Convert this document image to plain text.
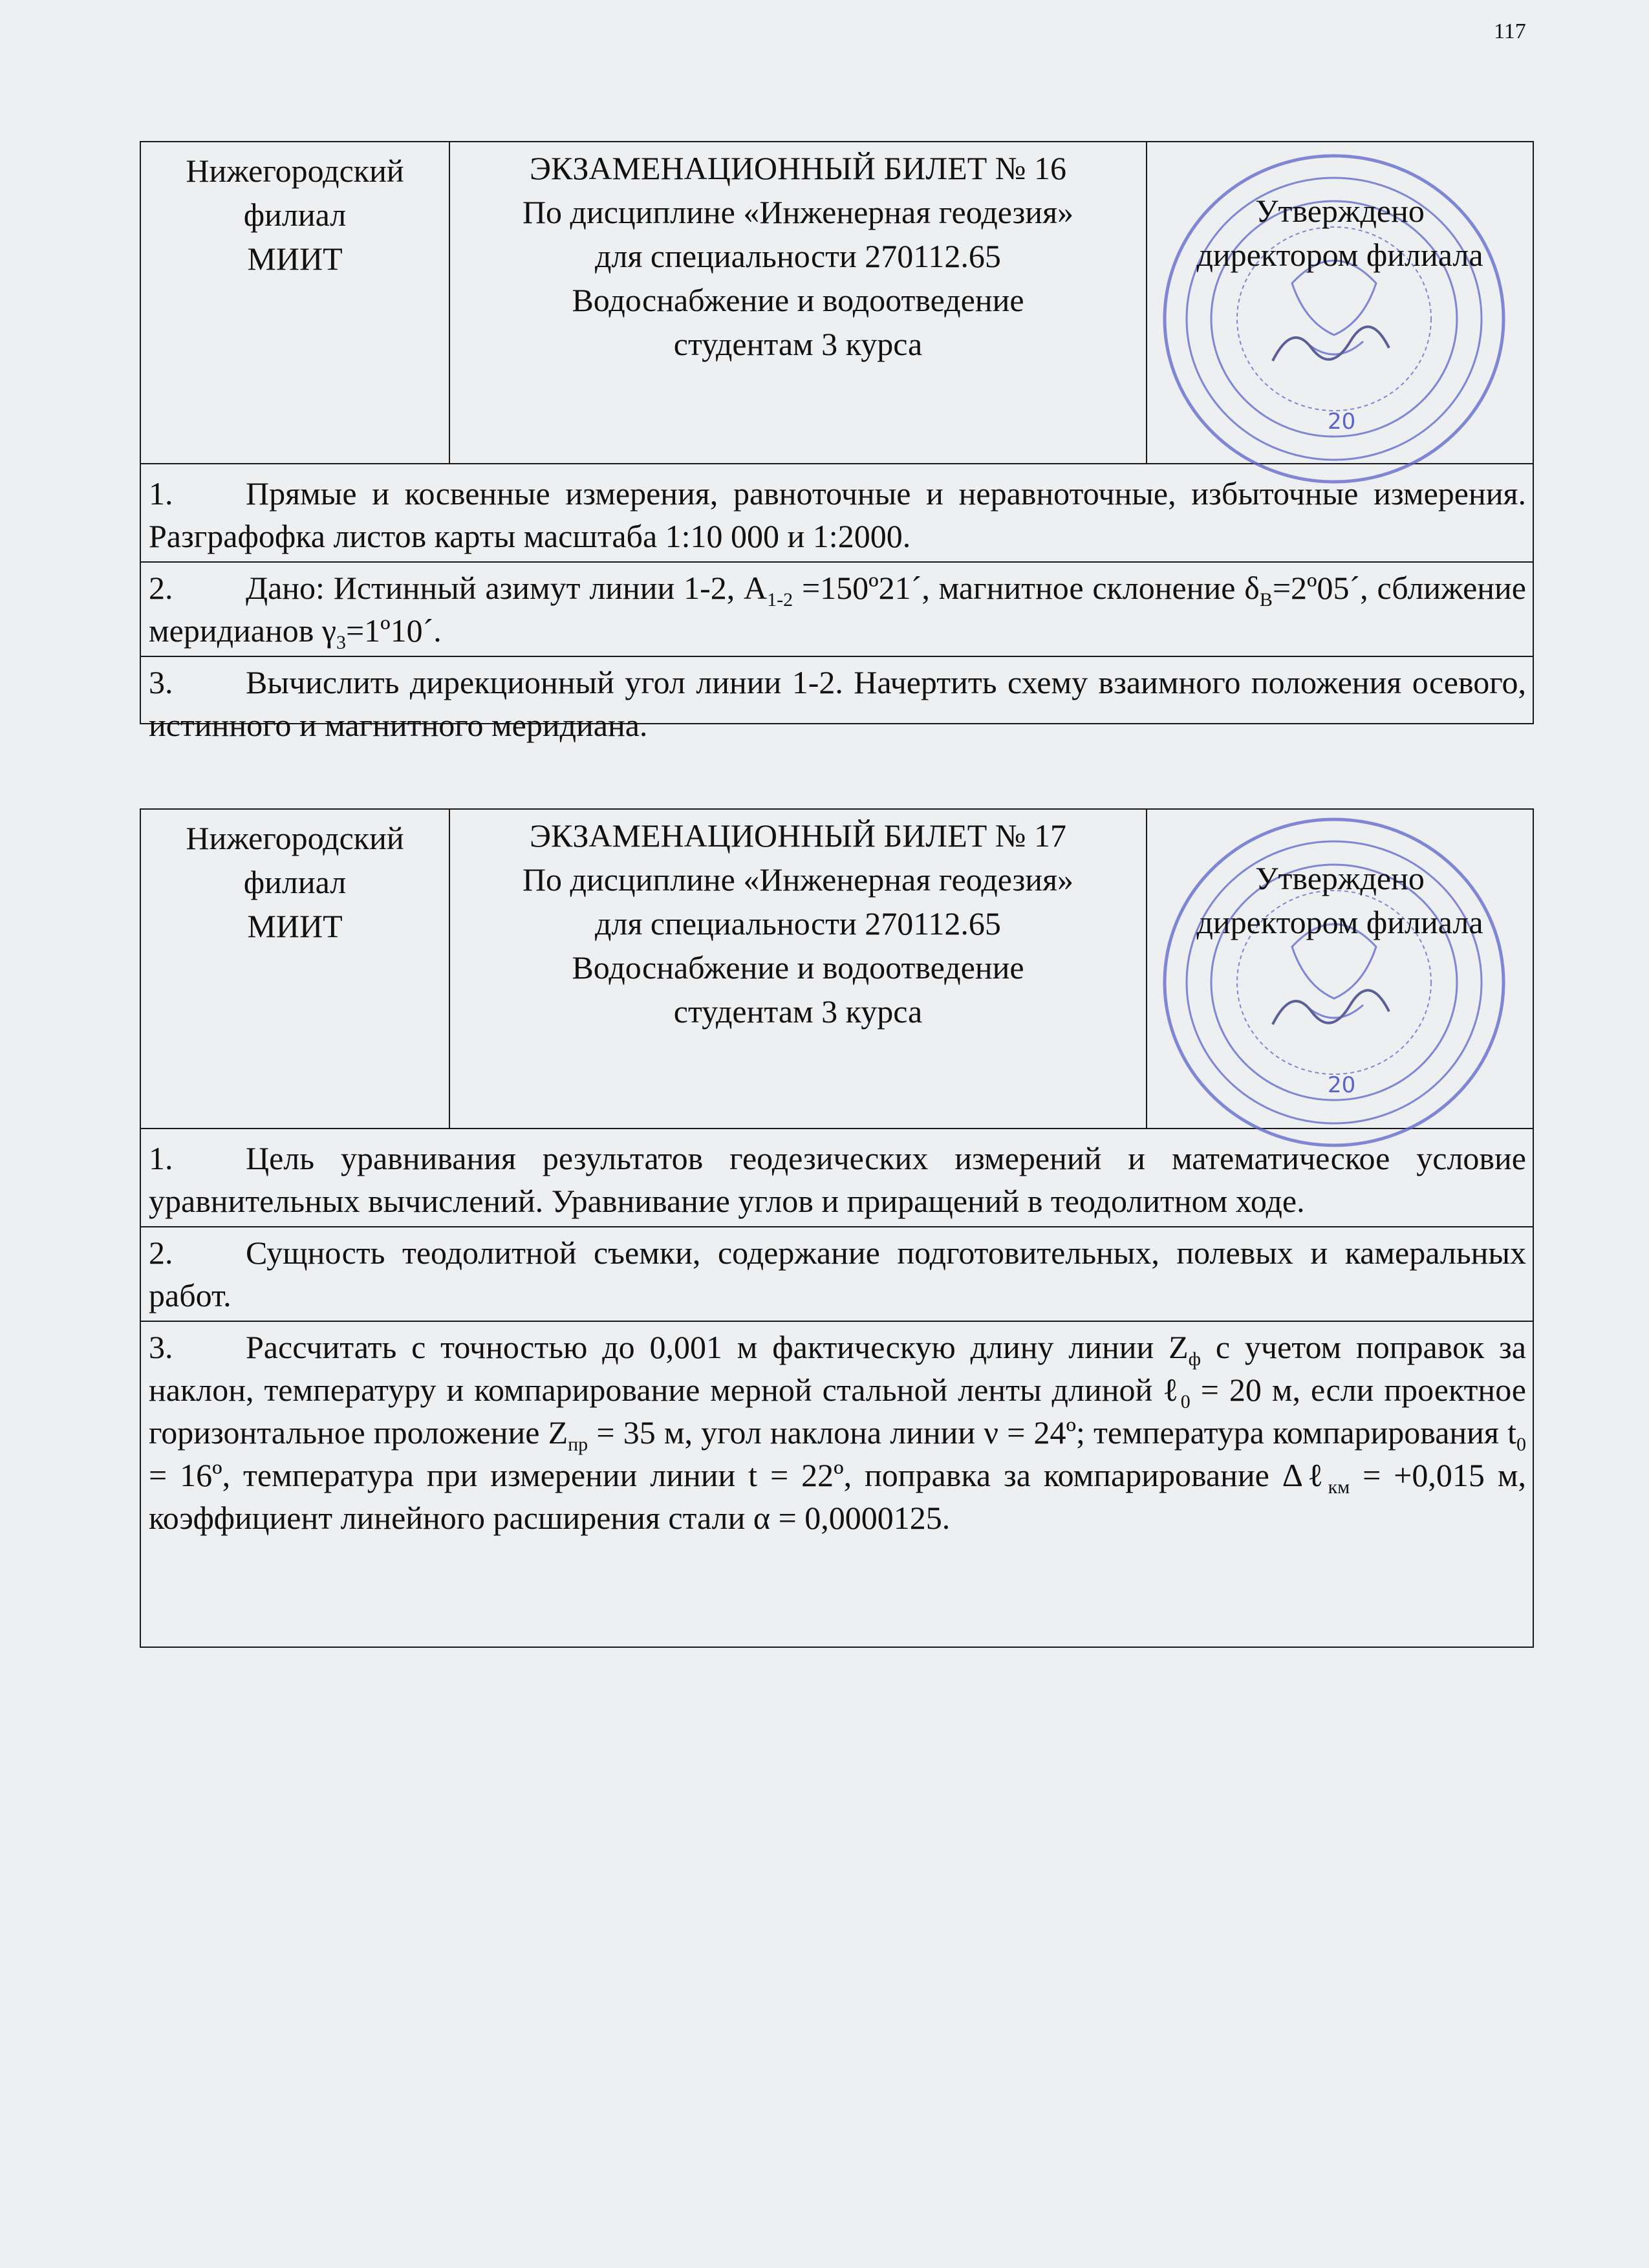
117
Нижегородский
филиал
МИИТ
ЭКЗАМЕНАЦИОННЫЙ БИЛЕТ № 16
По дисциплине «Инженерная геодезия»
для специальности 270112.65
Водоснабжение и водоотведение
студентам 3 курса
20
Утверждено
директором филиала
1. Прямые и косвенные измерения, равноточные и неравноточные, избыточные измерения. Разграфофка листов карты масштаба 1:10 000 и 1:2000.
2. Дано: Истинный азимут линии 1-2, $А_{1-2}$ =150º21´, магнитное склонение $\delta_В=2º05´$, сближение меридианов $\gamma_3=1º10´$.
3. Вычислить дирекционный угол линии 1-2. Начертить схему взаимного положения осевого, истинного и магнитного меридиана.
Нижегородский
филиал
МИИТ
ЭКЗАМЕНАЦИОННЫЙ БИЛЕТ № 17
По дисциплине «Инженерная геодезия»
для специальности 270112.65
Водоснабжение и водоотведение
студентам 3 курса
20
Утверждено
директором филиала
1. Цель уравнивания результатов геодезических измерений и математическое условие уравнительных вычислений. Уравнивание углов и приращений в теодолитном ходе.
2. Сущность теодолитной съемки, содержание подготовительных, полевых и камеральных работ.
3. Рассчитать с точностью до 0,001 м фактическую длину линии $Z_ф$ с учетом поправок за наклон, температуру и компарирование мерной стальной ленты длиной ℓ$_0$ = 20 м, если проектное горизонтальное проложение $Z_{пр} = 35$ м, угол наклона линии ν = 24º; температура компарирования $t_0$ = 16º, температура при измерении линии t = 22º, поправка за компарирование Δℓ$_{км}$ = +0,015 м, коэффициент линейного расширения стали α = 0,0000125.
